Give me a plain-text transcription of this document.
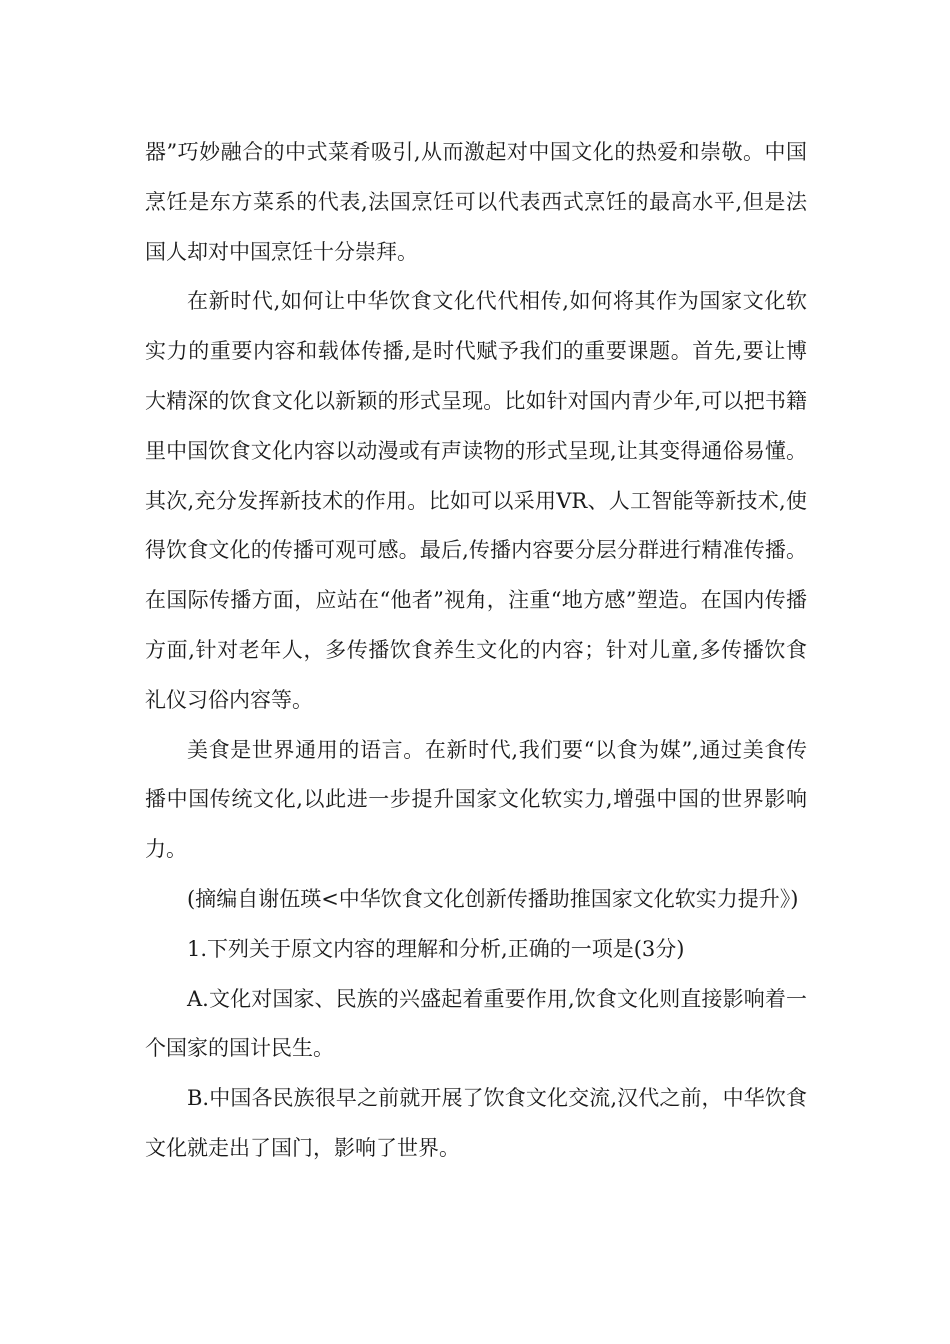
器”巧妙融合的中式菜肴吸引,从而激起对中国文化的热爱和崇敬。中国烹饪是东方菜系的代表,法国烹饪可以代表西式烹饪的最高水平,但是法国人却对中国烹饪十分崇拜。

在新时代,如何让中华饮食文化代代相传,如何将其作为国家文化软实力的重要内容和载体传播,是时代赋予我们的重要课题。首先,要让博大精深的饮食文化以新颖的形式呈现。比如针对国内青少年,可以把书籍里中国饮食文化内容以动漫或有声读物的形式呈现,让其变得通俗易懂。其次,充分发挥新技术的作用。比如可以采用VR、人工智能等新技术,使得饮食文化的传播可观可感。最后,传播内容要分层分群进行精准传播。在国际传播方面，应站在“他者”视角，注重“地方感”塑造。在国内传播方面,针对老年人，多传播饮食养生文化的内容；针对儿童,多传播饮食礼仪习俗内容等。

美食是世界通用的语言。在新时代,我们要“以食为媒”,通过美食传播中国传统文化,以此进一步提升国家文化软实力,增强中国的世界影响力。

(摘编自谢伍瑛<中华饮食文化创新传播助推国家文化软实力提升》)

1.下列关于原文内容的理解和分析,正确的一项是(3分)

A.文化对国家、民族的兴盛起着重要作用,饮食文化则直接影响着一个国家的国计民生。

B.中国各民族很早之前就开展了饮食文化交流,汉代之前，中华饮食文化就走出了国门，影响了世界。
